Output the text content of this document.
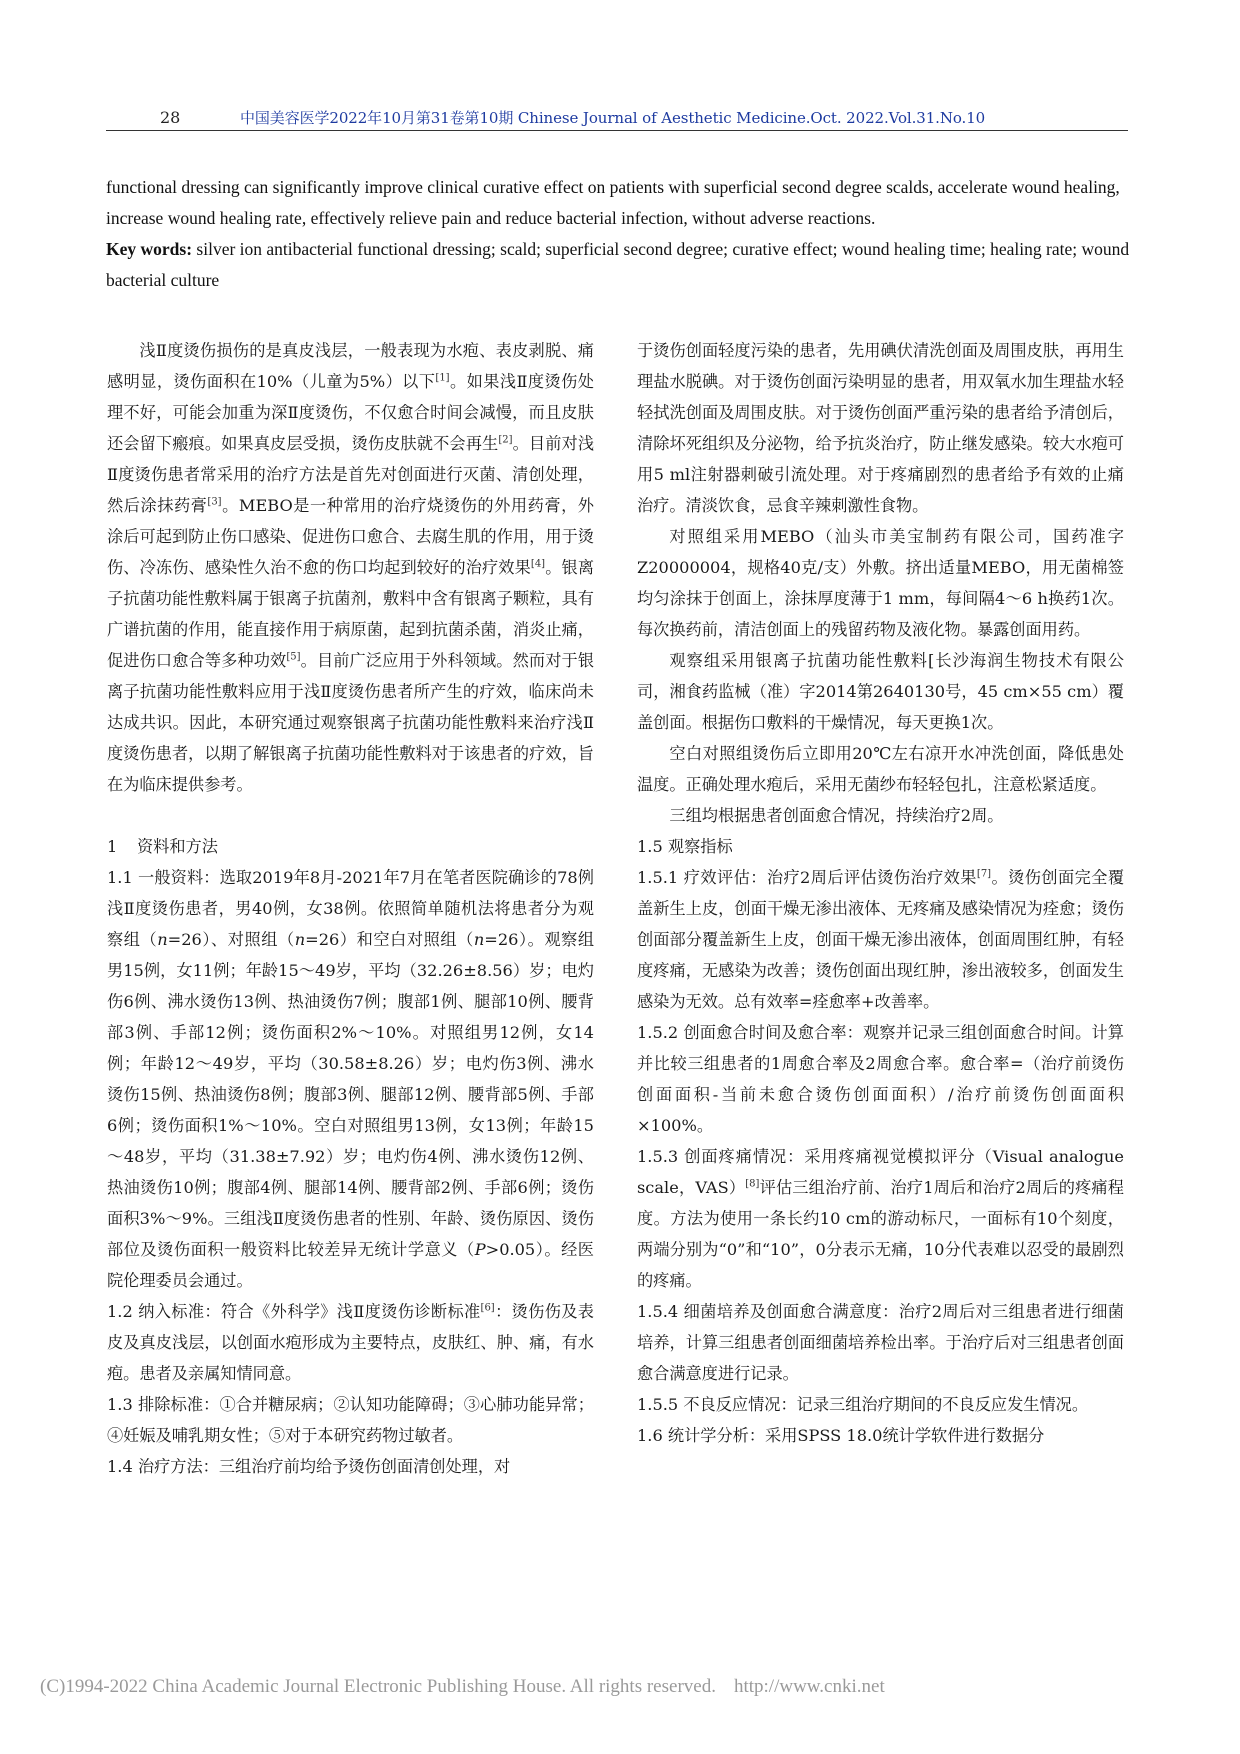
28	中国美容医学2022年10月第31卷第10期 Chinese Journal of Aesthetic Medicine.Oct. 2022.Vol.31.No.10

functional dressing can significantly improve clinical curative effect on patients with superficial second degree scalds, accelerate wound healing, increase wound healing rate, effectively relieve pain and reduce bacterial infection, without adverse reactions.

Key words: silver ion antibacterial functional dressing; scald; superficial second degree; curative effect; wound healing time; healing rate; wound bacterial culture

浅Ⅱ度烫伤损伤的是真皮浅层，一般表现为水疱、表皮剥脱、痛感明显，烫伤面积在10%（儿童为5%）以下[1]。如果浅Ⅱ度烫伤处理不好，可能会加重为深Ⅱ度烫伤，不仅愈合时间会减慢，而且皮肤还会留下瘢痕。如果真皮层受损，烫伤皮肤就不会再生[2]。目前对浅Ⅱ度烫伤患者常采用的治疗方法是首先对创面进行灭菌、清创处理，然后涂抹药膏[3]。MEBO是一种常用的治疗烧烫伤的外用药膏，外涂后可起到防止伤口感染、促进伤口愈合、去腐生肌的作用，用于烫伤、冷冻伤、感染性久治不愈的伤口均起到较好的治疗效果[4]。银离子抗菌功能性敷料属于银离子抗菌剂，敷料中含有银离子颗粒，具有广谱抗菌的作用，能直接作用于病原菌，起到抗菌杀菌，消炎止痛，促进伤口愈合等多种功效[5]。目前广泛应用于外科领域。然而对于银离子抗菌功能性敷料应用于浅Ⅱ度烫伤患者所产生的疗效，临床尚未达成共识。因此，本研究通过观察银离子抗菌功能性敷料来治疗浅Ⅱ度烫伤患者，以期了解银离子抗菌功能性敷料对于该患者的疗效，旨在为临床提供参考。

1 资料和方法

1.1 一般资料：选取2019年8月-2021年7月在笔者医院确诊的78例浅Ⅱ度烫伤患者，男40例，女38例。依照简单随机法将患者分为观察组（n=26）、对照组（n=26）和空白对照组（n=26）。观察组男15例，女11例；年龄15～49岁，平均（32.26±8.56）岁；电灼伤6例、沸水烫伤13例、热油烫伤7例；腹部1例、腿部10例、腰背部3例、手部12例；烫伤面积2%～10%。对照组男12例，女14例；年龄12～49岁，平均（30.58±8.26）岁；电灼伤3例、沸水烫伤15例、热油烫伤8例；腹部3例、腿部12例、腰背部5例、手部6例；烫伤面积1%～10%。空白对照组男13例，女13例；年龄15～48岁，平均（31.38±7.92）岁；电灼伤4例、沸水烫伤12例、热油烫伤10例；腹部4例、腿部14例、腰背部2例、手部6例；烫伤面积3%～9%。三组浅Ⅱ度烫伤患者的性别、年龄、烫伤原因、烫伤部位及烫伤面积一般资料比较差异无统计学意义（P>0.05）。经医院伦理委员会通过。

1.2 纳入标准：符合《外科学》浅Ⅱ度烫伤诊断标准[6]：烫伤伤及表皮及真皮浅层，以创面水疱形成为主要特点，皮肤红、肿、痛，有水疱。患者及亲属知情同意。

1.3 排除标准：①合并糖尿病；②认知功能障碍；③心肺功能异常；④妊娠及哺乳期女性；⑤对于本研究药物过敏者。

1.4 治疗方法：三组治疗前均给予烫伤创面清创处理，对

于烫伤创面轻度污染的患者，先用碘伏清洗创面及周围皮肤，再用生理盐水脱碘。对于烫伤创面污染明显的患者，用双氧水加生理盐水轻轻拭洗创面及周围皮肤。对于烫伤创面严重污染的患者给予清创后，清除坏死组织及分泌物，给予抗炎治疗，防止继发感染。较大水疱可用5 ml注射器刺破引流处理。对于疼痛剧烈的患者给予有效的止痛治疗。清淡饮食，忌食辛辣刺激性食物。

对照组采用MEBO（汕头市美宝制药有限公司，国药准字Z20000004，规格40克/支）外敷。挤出适量MEBO，用无菌棉签均匀涂抹于创面上，涂抹厚度薄于1 mm，每间隔4～6 h换药1次。每次换药前，清洁创面上的残留药物及液化物。暴露创面用药。

观察组采用银离子抗菌功能性敷料[长沙海润生物技术有限公司，湘食药监械（准）字2014第2640130号，45 cm×55 cm）覆盖创面。根据伤口敷料的干燥情况，每天更换1次。

空白对照组烫伤后立即用20℃左右凉开水冲洗创面，降低患处温度。正确处理水疱后，采用无菌纱布轻轻包扎，注意松紧适度。

三组均根据患者创面愈合情况，持续治疗2周。

1.5 观察指标

1.5.1 疗效评估：治疗2周后评估烫伤治疗效果[7]。烫伤创面完全覆盖新生上皮，创面干燥无渗出液体、无疼痛及感染情况为痊愈；烫伤创面部分覆盖新生上皮，创面干燥无渗出液体，创面周围红肿，有轻度疼痛，无感染为改善；烫伤创面出现红肿，渗出液较多，创面发生感染为无效。总有效率=痊愈率+改善率。

1.5.2 创面愈合时间及愈合率：观察并记录三组创面愈合时间。计算并比较三组患者的1周愈合率及2周愈合率。愈合率=（治疗前烫伤创面面积-当前未愈合烫伤创面面积）/治疗前烫伤创面面积×100%。

1.5.3 创面疼痛情况：采用疼痛视觉模拟评分（Visual analogue scale，VAS）[8]评估三组治疗前、治疗1周后和治疗2周后的疼痛程度。方法为使用一条长约10 cm的游动标尺，一面标有10个刻度，两端分别为“0”和“10”，0分表示无痛，10分代表难以忍受的最剧烈的疼痛。

1.5.4 细菌培养及创面愈合满意度：治疗2周后对三组患者进行细菌培养，计算三组患者创面细菌培养检出率。于治疗后对三组患者创面愈合满意度进行记录。

1.5.5 不良反应情况：记录三组治疗期间的不良反应发生情况。

1.6 统计学分析：采用SPSS 18.0统计学软件进行数据分

(C)1994-2022 China Academic Journal Electronic Publishing House. All rights reserved. http://www.cnki.net
